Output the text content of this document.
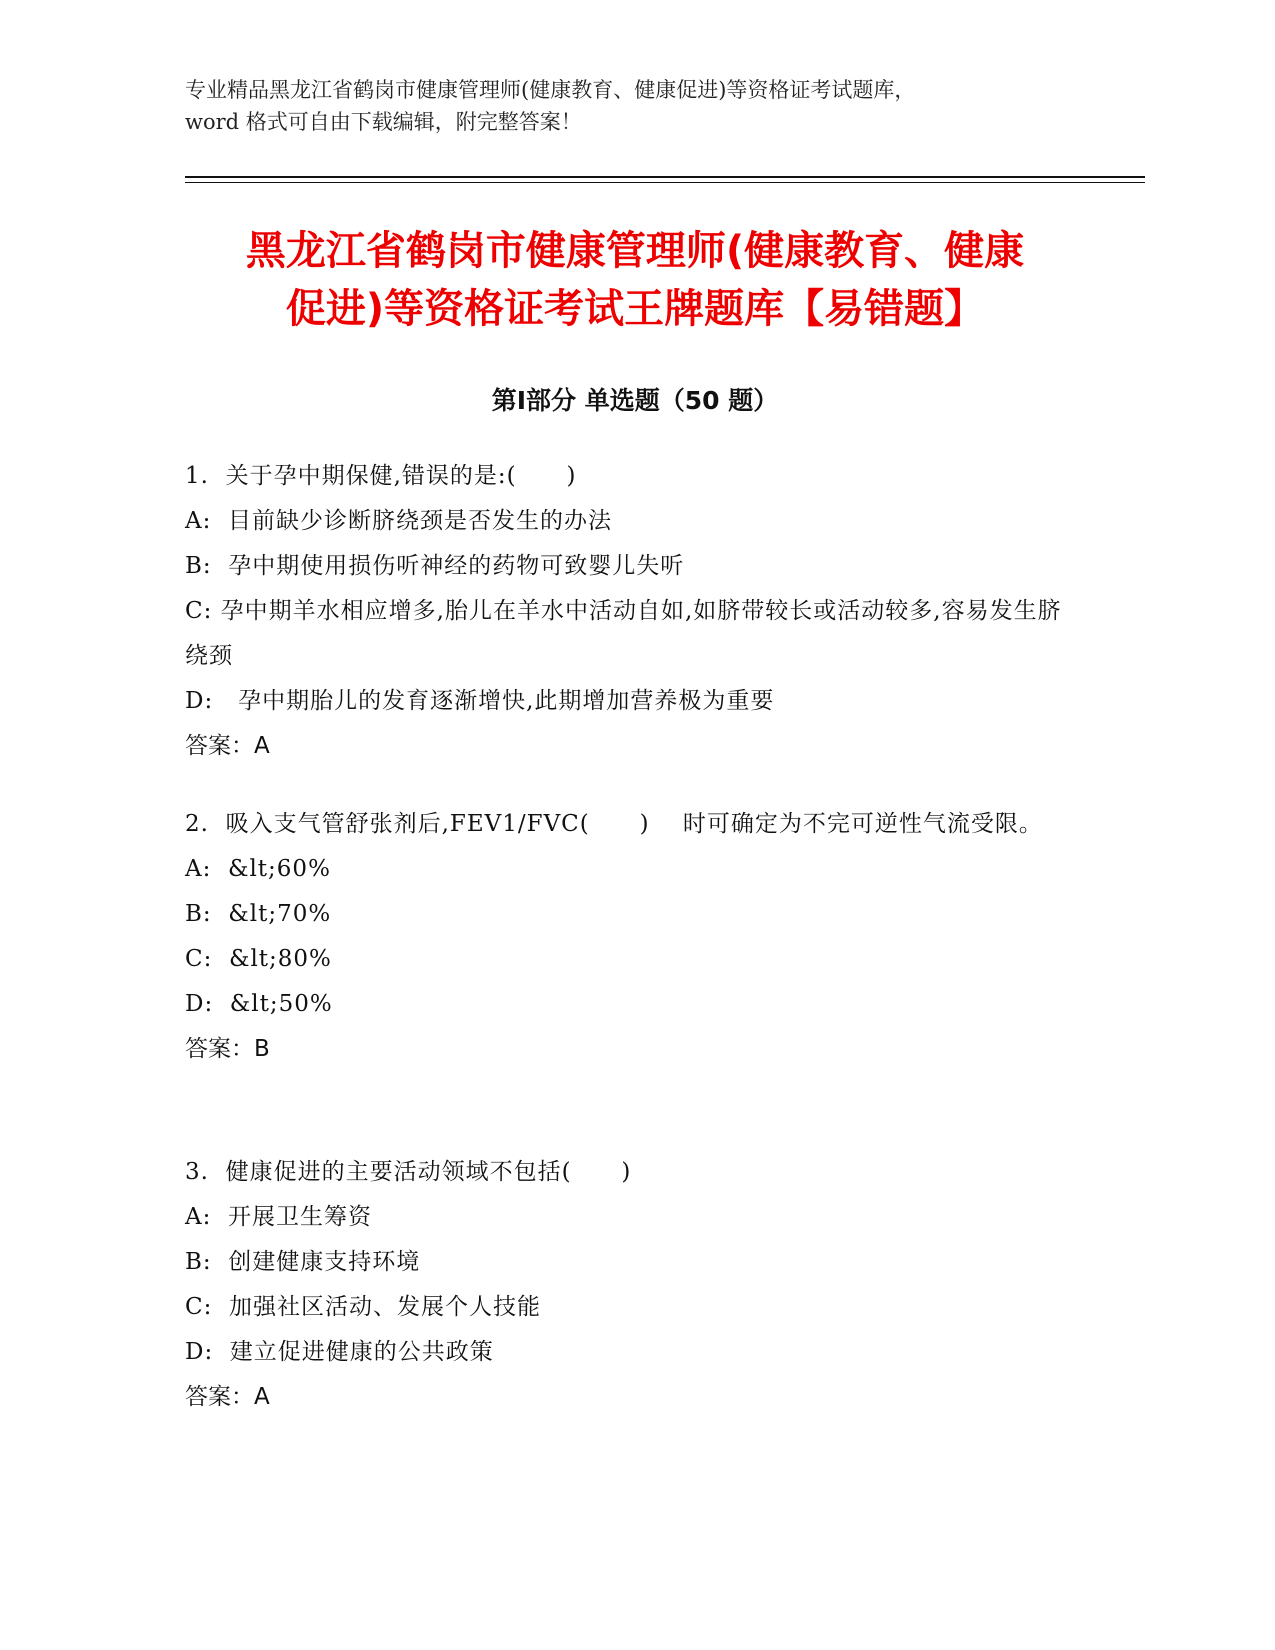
专业精品黑龙江省鹤岗市健康管理师(健康教育、健康促进)等资格证考试题库，
word 格式可自由下载编辑，附完整答案！
黑龙江省鹤岗市健康管理师(健康教育、健康
促进)等资格证考试王牌题库【易错题】
第Ⅰ部分 单选题（50 题）
1.  关于孕中期保健,错误的是:(      )
A:  目前缺少诊断脐绕颈是否发生的办法
B:  孕中期使用损伤听神经的药物可致婴儿失听
C: 孕中期羊水相应增多,胎儿在羊水中活动自如,如脐带较长或活动较多,容易发生脐绕颈
D:   孕中期胎儿的发育逐渐增快,此期增加营养极为重要
答案：A
2.  吸入支气管舒张剂后,FEV1/FVC(      )    时可确定为不完可逆性气流受限。
A:  &lt;60%
B:  &lt;70%
C:  &lt;80%
D:  &lt;50%
答案：B
3.  健康促进的主要活动领域不包括(      )
A:  开展卫生筹资
B:  创建健康支持环境
C:  加强社区活动、发展个人技能
D:  建立促进健康的公共政策
答案：A
